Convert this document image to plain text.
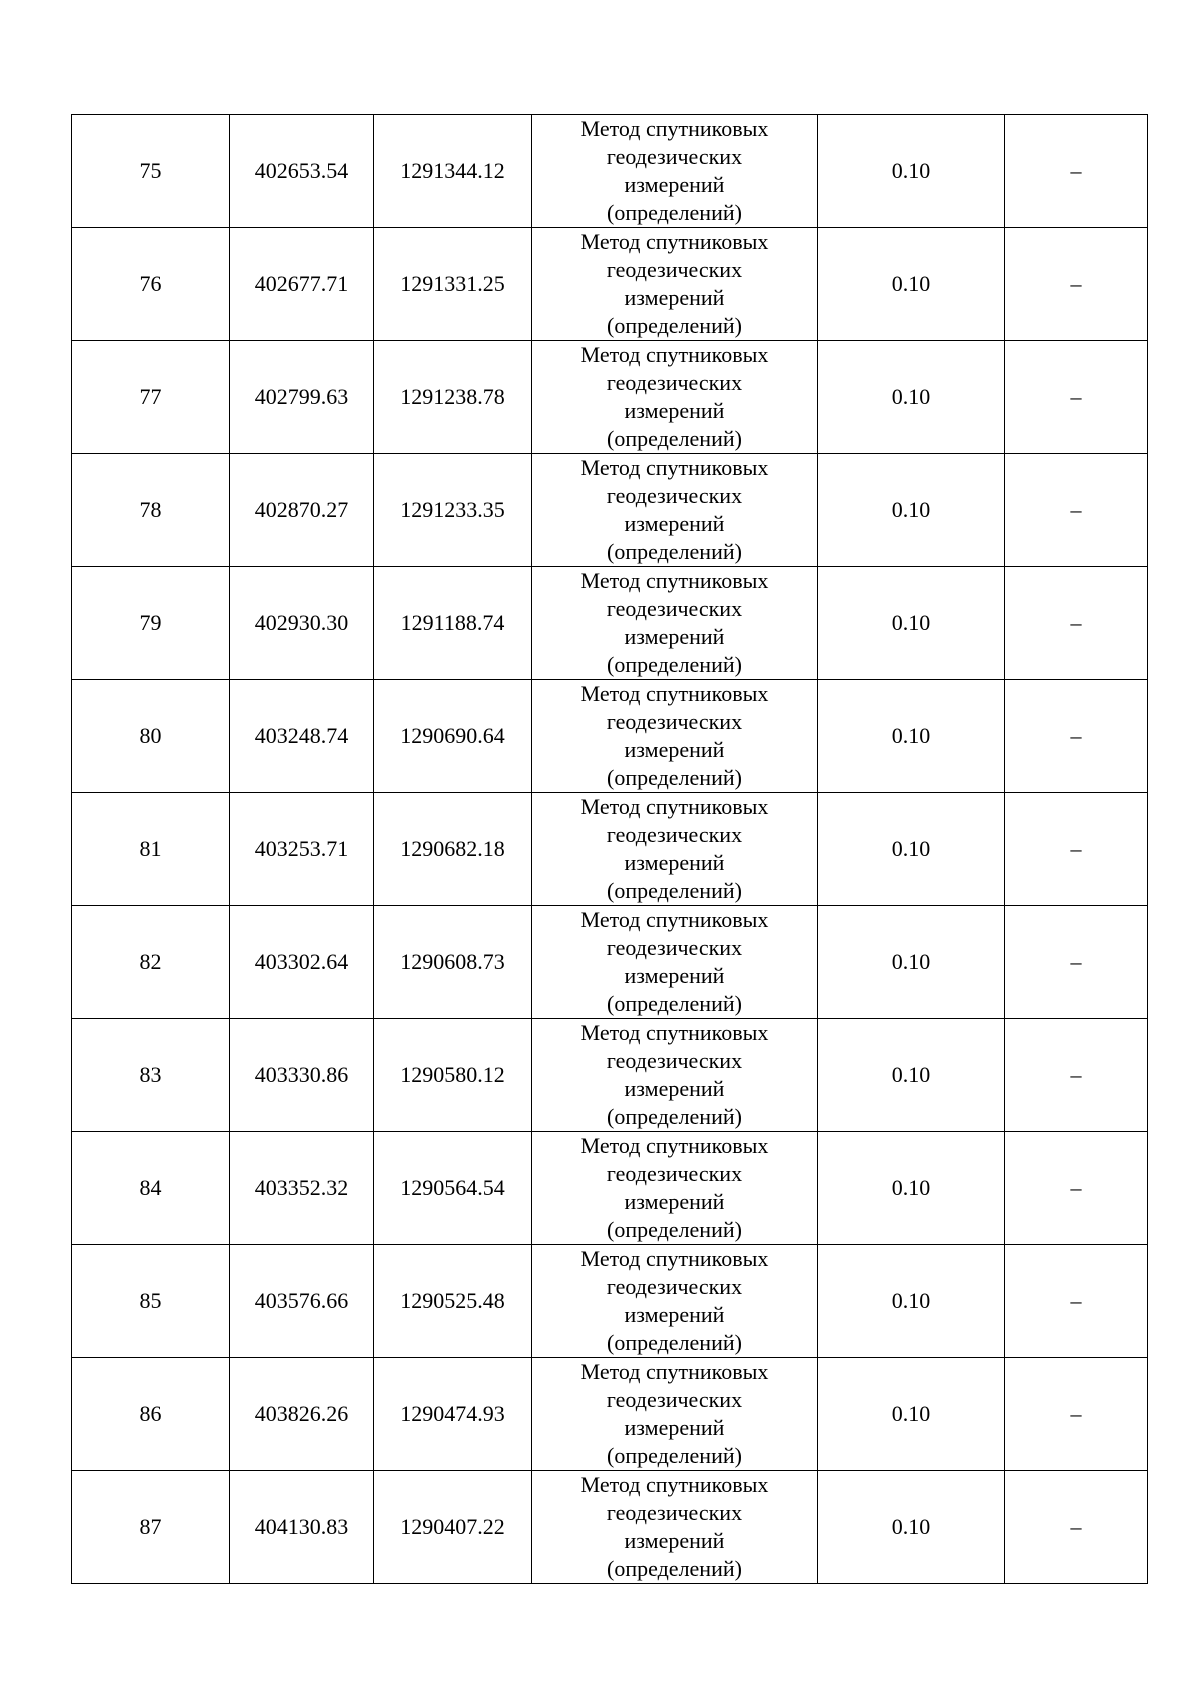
75	402653.54	1291344.12	Метод спутниковых
геодезических
измерений
(определений)	0.10	–
76	402677.71	1291331.25	Метод спутниковых
геодезических
измерений
(определений)	0.10	–
77	402799.63	1291238.78	Метод спутниковых
геодезических
измерений
(определений)	0.10	–
78	402870.27	1291233.35	Метод спутниковых
геодезических
измерений
(определений)	0.10	–
79	402930.30	1291188.74	Метод спутниковых
геодезических
измерений
(определений)	0.10	–
80	403248.74	1290690.64	Метод спутниковых
геодезических
измерений
(определений)	0.10	–
81	403253.71	1290682.18	Метод спутниковых
геодезических
измерений
(определений)	0.10	–
82	403302.64	1290608.73	Метод спутниковых
геодезических
измерений
(определений)	0.10	–
83	403330.86	1290580.12	Метод спутниковых
геодезических
измерений
(определений)	0.10	–
84	403352.32	1290564.54	Метод спутниковых
геодезических
измерений
(определений)	0.10	–
85	403576.66	1290525.48	Метод спутниковых
геодезических
измерений
(определений)	0.10	–
86	403826.26	1290474.93	Метод спутниковых
геодезических
измерений
(определений)	0.10	–
87	404130.83	1290407.22	Метод спутниковых
геодезических
измерений
(определений)	0.10	–
